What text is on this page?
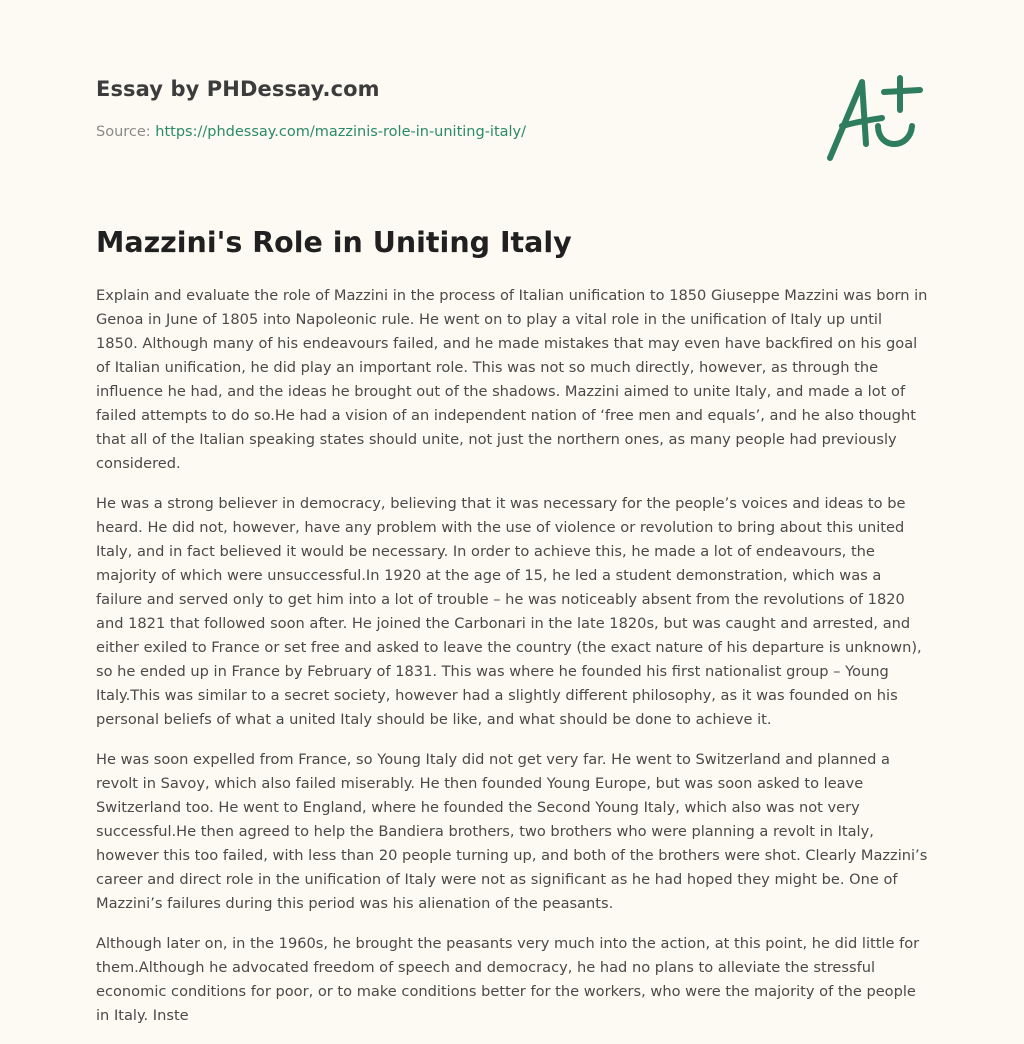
Essay by PHDessay.com
Source: https://phdessay.com/mazzinis-role-in-uniting-italy/
Mazzini's Role in Uniting Italy

Explain and evaluate the role of Mazzini in the process of Italian unification to 1850 Giuseppe Mazzini was born in Genoa in June of 1805 into Napoleonic rule. He went on to play a vital role in the unification of Italy up until 1850. Although many of his endeavours failed, and he made mistakes that may even have backfired on his goal of Italian unification, he did play an important role. This was not so much directly, however, as through the influence he had, and the ideas he brought out of the shadows. Mazzini aimed to unite Italy, and made a lot of failed attempts to do so.He had a vision of an independent nation of ‘free men and equals’, and he also thought that all of the Italian speaking states should unite, not just the northern ones, as many people had previously considered.

He was a strong believer in democracy, believing that it was necessary for the people’s voices and ideas to be heard. He did not, however, have any problem with the use of violence or revolution to bring about this united Italy, and in fact believed it would be necessary. In order to achieve this, he made a lot of endeavours, the majority of which were unsuccessful.In 1920 at the age of 15, he led a student demonstration, which was a failure and served only to get him into a lot of trouble – he was noticeably absent from the revolutions of 1820 and 1821 that followed soon after. He joined the Carbonari in the late 1820s, but was caught and arrested, and either exiled to France or set free and asked to leave the country (the exact nature of his departure is unknown), so he ended up in France by February of 1831. This was where he founded his first nationalist group – Young Italy.This was similar to a secret society, however had a slightly different philosophy, as it was founded on his personal beliefs of what a united Italy should be like, and what should be done to achieve it.

He was soon expelled from France, so Young Italy did not get very far. He went to Switzerland and planned a revolt in Savoy, which also failed miserably. He then founded Young Europe, but was soon asked to leave Switzerland too. He went to England, where he founded the Second Young Italy, which also was not very successful.He then agreed to help the Bandiera brothers, two brothers who were planning a revolt in Italy, however this too failed, with less than 20 people turning up, and both of the brothers were shot. Clearly Mazzini’s career and direct role in the unification of Italy were not as significant as he had hoped they might be. One of Mazzini’s failures during this period was his alienation of the peasants.

Although later on, in the 1960s, he brought the peasants very much into the action, at this point, he did little for them.Although he advocated freedom of speech and democracy, he had no plans to alleviate the stressful economic conditions for poor, or to make conditions better for the workers, who were the majority of the people in Italy. Inste
